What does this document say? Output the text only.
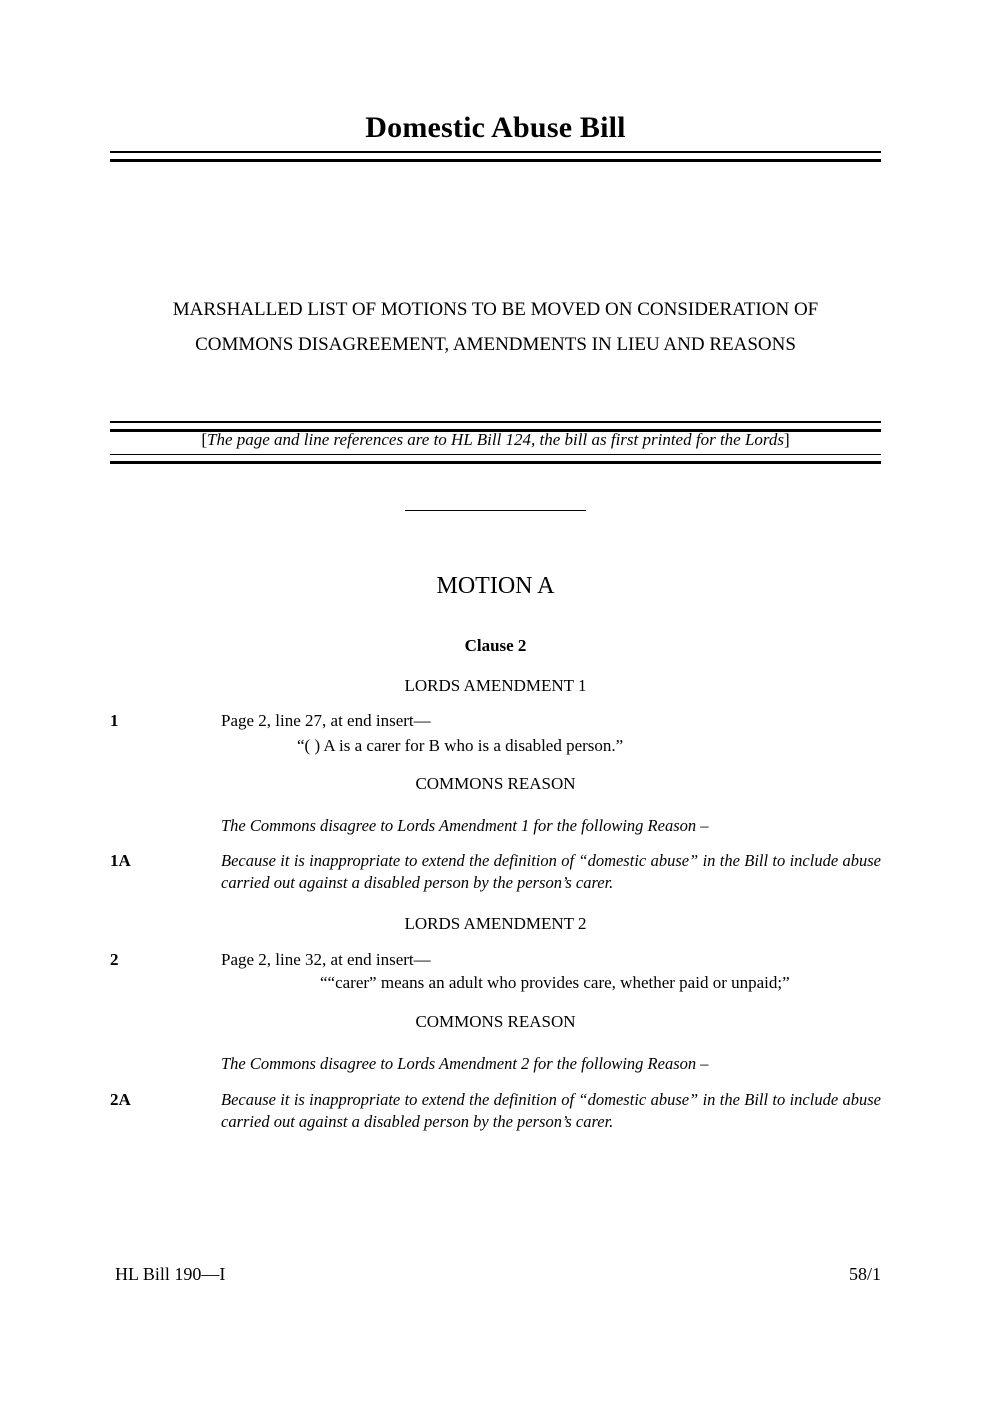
Domestic Abuse Bill
MARSHALLED LIST OF MOTIONS TO BE MOVED ON CONSIDERATION OF
COMMONS DISAGREEMENT, AMENDMENTS IN LIEU AND REASONS
[The page and line references are to HL Bill 124, the bill as first printed for the Lords]
MOTION A
Clause 2
LORDS AMENDMENT 1
1	Page 2, line 27, at end insert—
“( ) A is a carer for B who is a disabled person.”
COMMONS REASON
The Commons disagree to Lords Amendment 1 for the following Reason –
1A	Because it is inappropriate to extend the definition of “domestic abuse” in the Bill to include abuse carried out against a disabled person by the person’s carer.
LORDS AMENDMENT 2
2	Page 2, line 32, at end insert—
““carer” means an adult who provides care, whether paid or unpaid;”
COMMONS REASON
The Commons disagree to Lords Amendment 2 for the following Reason –
2A	Because it is inappropriate to extend the definition of “domestic abuse” in the Bill to include abuse carried out against a disabled person by the person’s carer.
HL Bill 190—I	58/1
